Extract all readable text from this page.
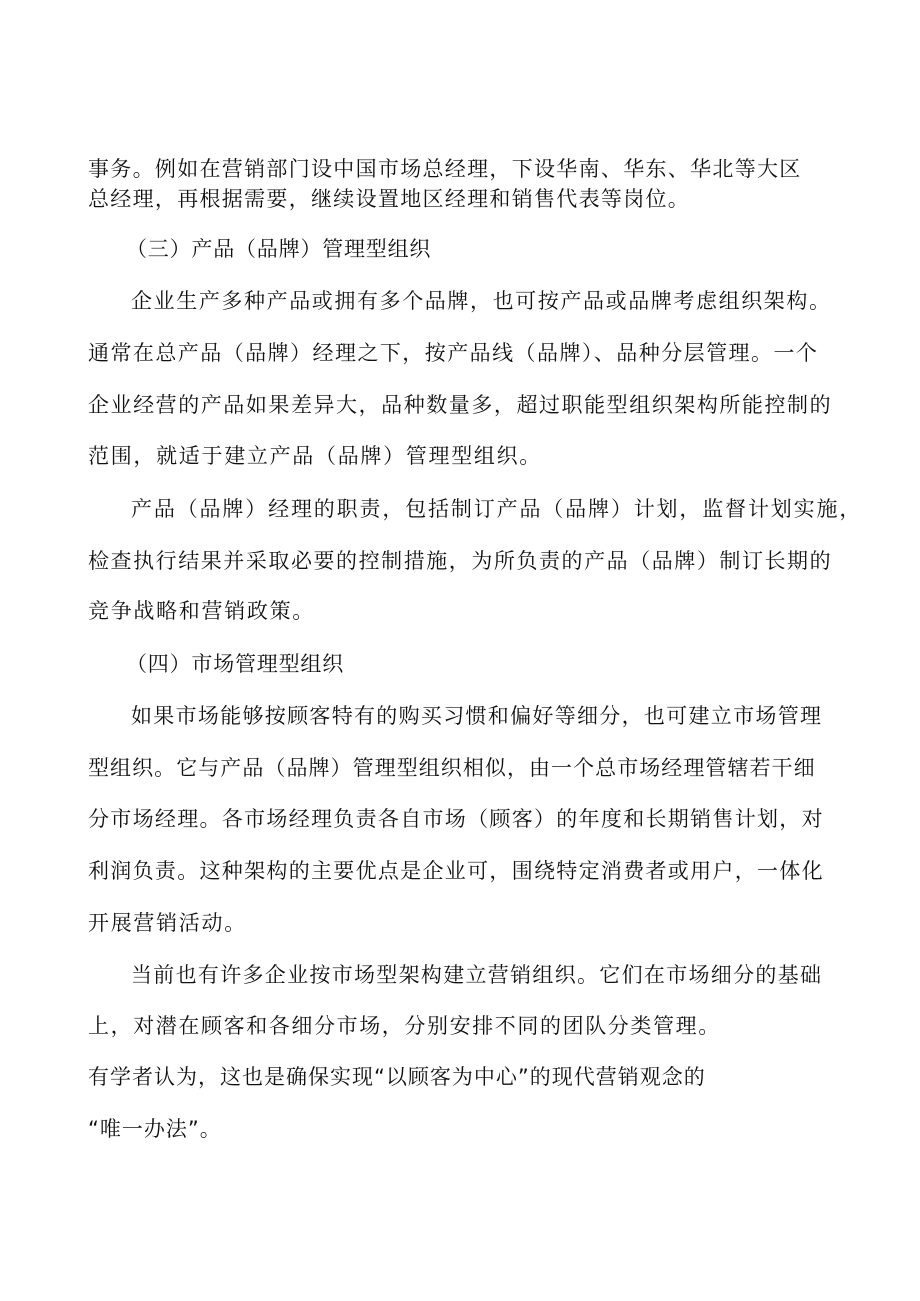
事务。例如在营销部门设中国市场总经理，下设华南、华东、华北等大区
总经理，再根据需要，继续设置地区经理和销售代表等岗位。
（三）产品（品牌）管理型组织
企业生产多种产品或拥有多个品牌，也可按产品或品牌考虑组织架构。
通常在总产品（品牌）经理之下，按产品线（品牌）、品种分层管理。一个
企业经营的产品如果差异大，品种数量多，超过职能型组织架构所能控制的
范围，就适于建立产品（品牌）管理型组织。
产品（品牌）经理的职责，包括制订产品（品牌）计划，监督计划实施，
检查执行结果并采取必要的控制措施，为所负责的产品（品牌）制订长期的
竞争战略和营销政策。
（四）市场管理型组织
如果市场能够按顾客特有的购买习惯和偏好等细分，也可建立市场管理
型组织。它与产品（品牌）管理型组织相似，由一个总市场经理管辖若干细
分市场经理。各市场经理负责各自市场（顾客）的年度和长期销售计划，对
利润负责。这种架构的主要优点是企业可，围绕特定消费者或用户，一体化
开展营销活动。
当前也有许多企业按市场型架构建立营销组织。它们在市场细分的基础
上，对潜在顾客和各细分市场，分别安排不同的团队分类管理。
有学者认为，这也是确保实现“以顾客为中心”的现代营销观念的
“唯一办法”。
